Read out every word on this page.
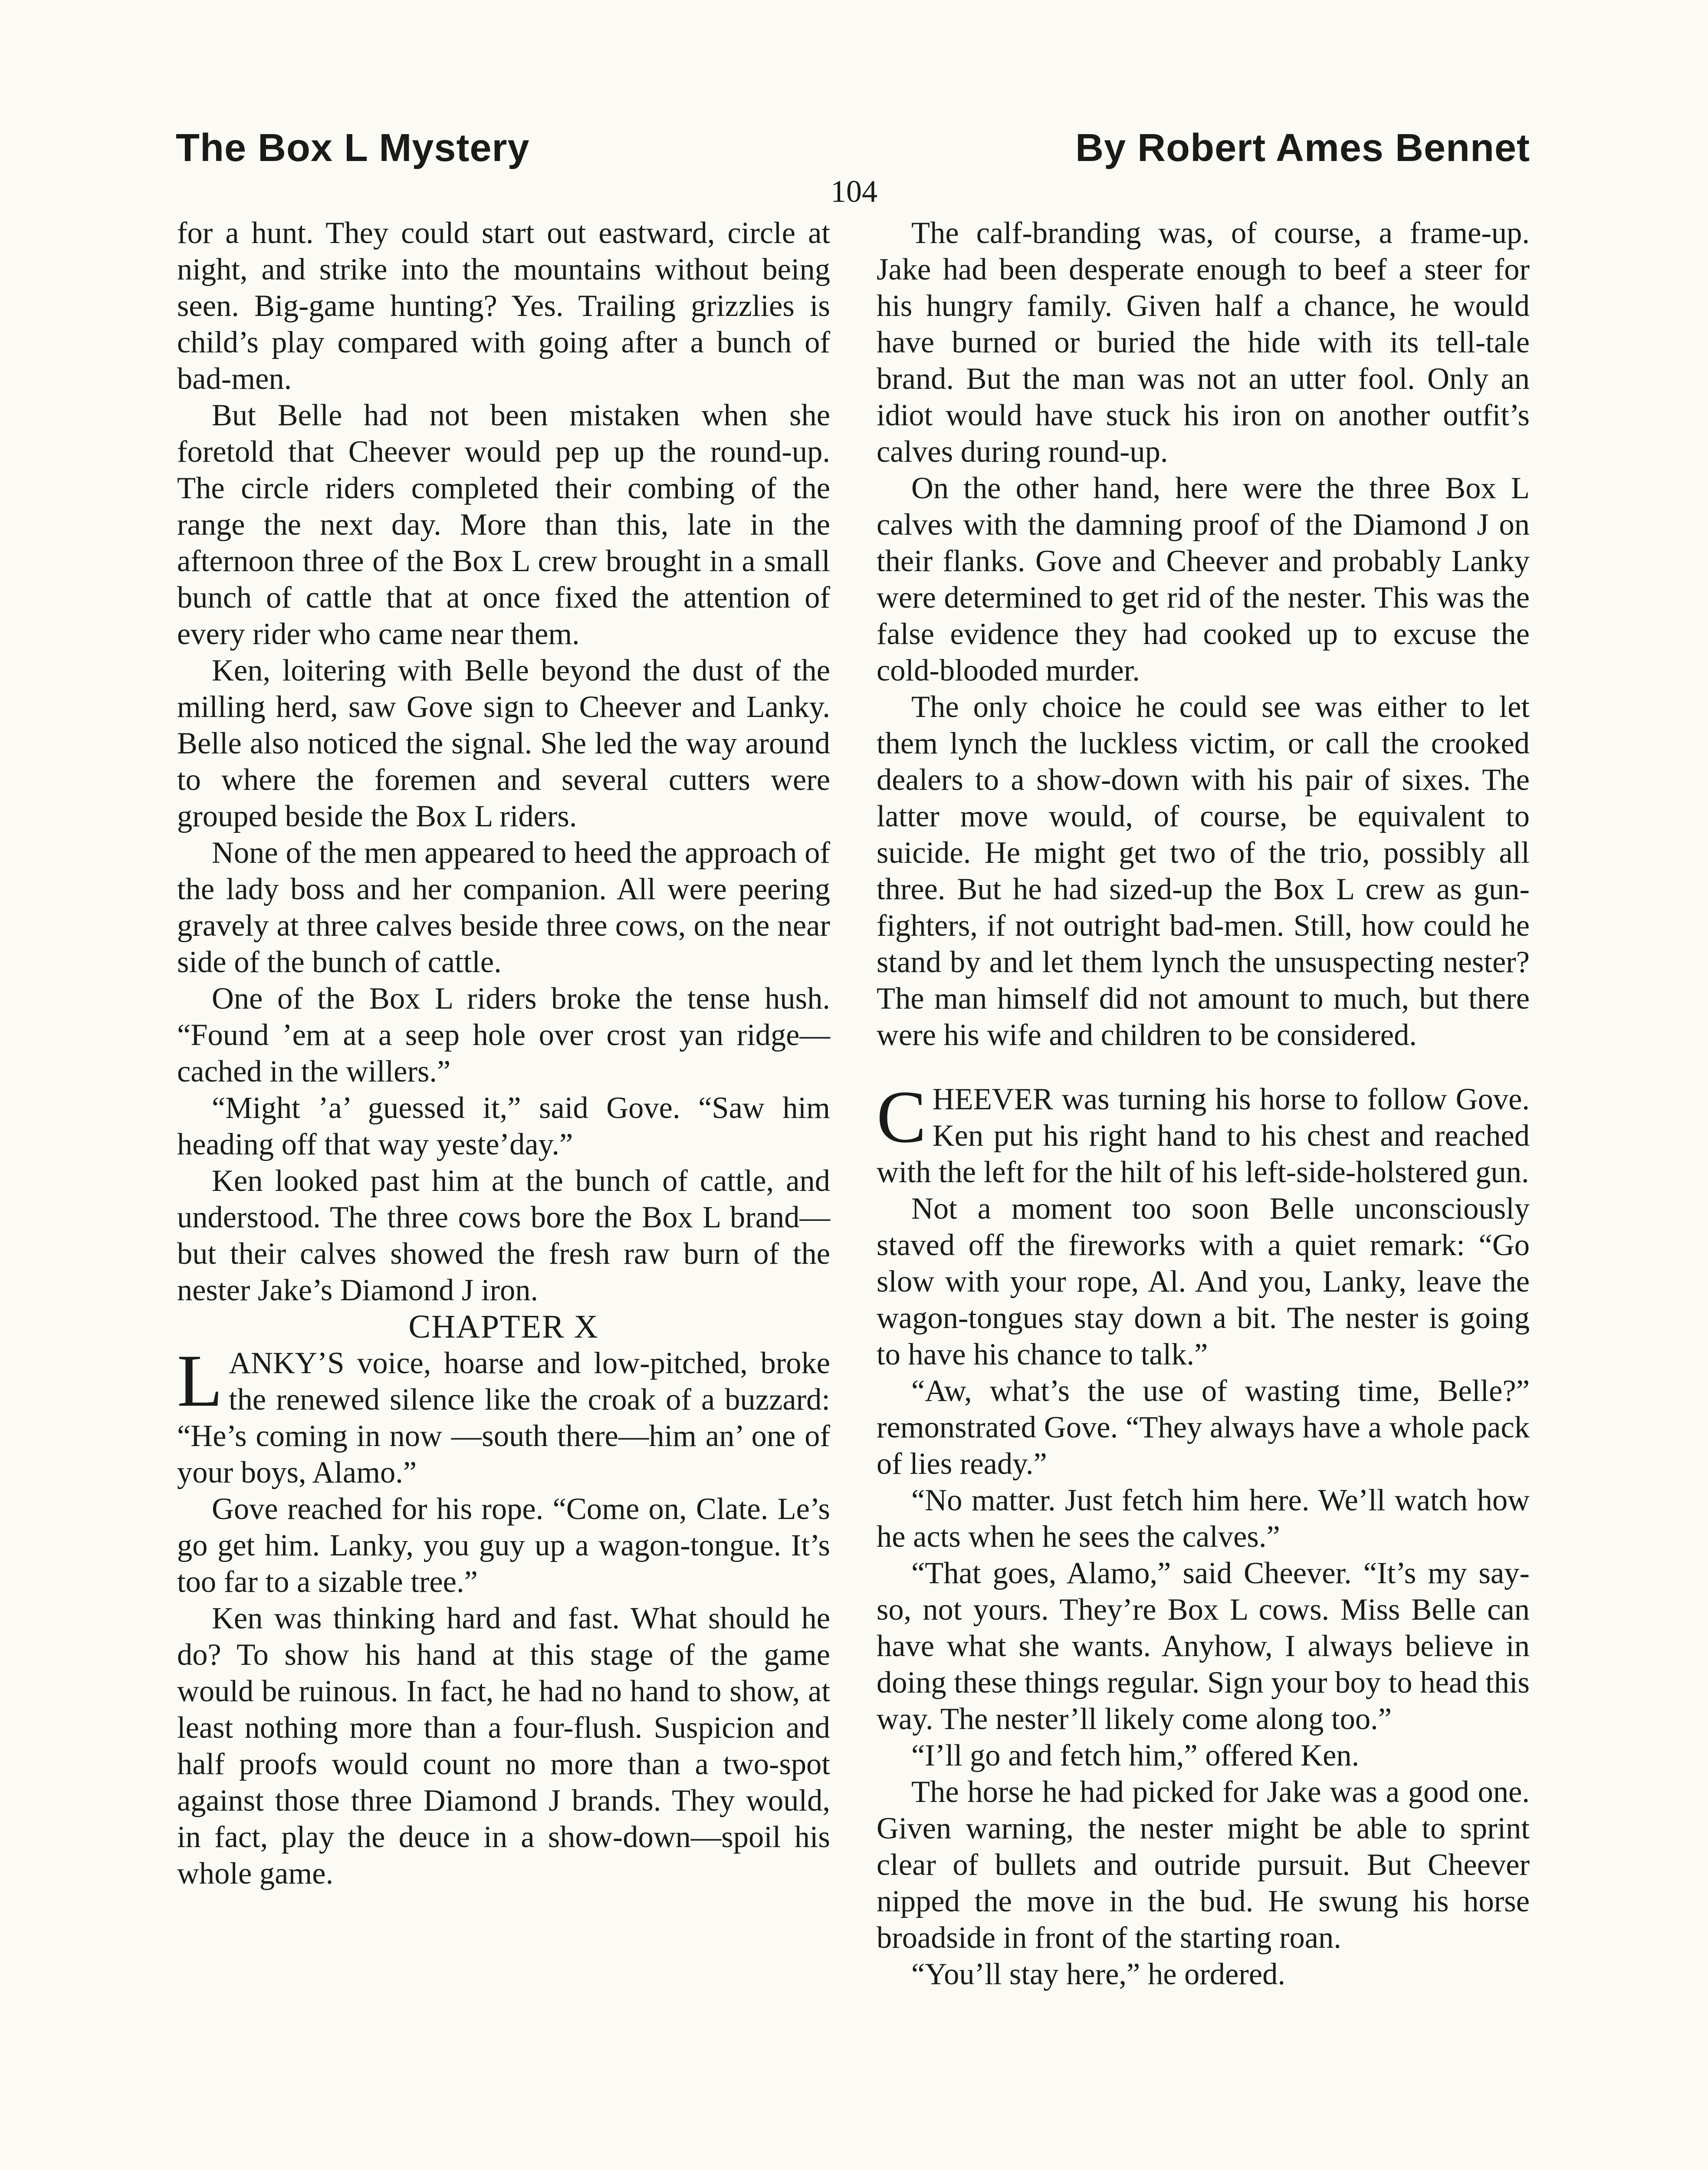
The Box L Mystery	By Robert Ames Bennet
104

for a hunt. They could start out eastward, circle at night, and strike into the mountains without being seen. Big-game hunting? Yes. Trailing grizzlies is child’s play compared with going after a bunch of bad-men.

But Belle had not been mistaken when she foretold that Cheever would pep up the round-up. The circle riders completed their combing of the range the next day. More than this, late in the afternoon three of the Box L crew brought in a small bunch of cattle that at once fixed the attention of every rider who came near them.

Ken, loitering with Belle beyond the dust of the milling herd, saw Gove sign to Cheever and Lanky. Belle also noticed the signal. She led the way around to where the foremen and several cutters were grouped beside the Box L riders.

None of the men appeared to heed the approach of the lady boss and her companion. All were peering gravely at three calves beside three cows, on the near side of the bunch of cattle.

One of the Box L riders broke the tense hush. “Found ’em at a seep hole over crost yan ridge—cached in the willers.”

“Might ’a’ guessed it,” said Gove. “Saw him heading off that way yeste’day.”

Ken looked past him at the bunch of cattle, and understood. The three cows bore the Box L brand—but their calves showed the fresh raw burn of the nester Jake’s Diamond J iron.

CHAPTER X

LANKY’S voice, hoarse and low-pitched, broke the renewed silence like the croak of a buzzard: “He’s coming in now —south there—him an’ one of your boys, Alamo.”

Gove reached for his rope. “Come on, Clate. Le’s go get him. Lanky, you guy up a wagon-tongue. It’s too far to a sizable tree.”

Ken was thinking hard and fast. What should he do? To show his hand at this stage of the game would be ruinous. In fact, he had no hand to show, at least nothing more than a four-flush. Suspicion and half proofs would count no more than a two-spot against those three Diamond J brands. They would, in fact, play the deuce in a show-down—spoil his whole game.

The calf-branding was, of course, a frame-up. Jake had been desperate enough to beef a steer for his hungry family. Given half a chance, he would have burned or buried the hide with its tell-tale brand. But the man was not an utter fool. Only an idiot would have stuck his iron on another outfit’s calves during round-up.

On the other hand, here were the three Box L calves with the damning proof of the Diamond J on their flanks. Gove and Cheever and probably Lanky were determined to get rid of the nester. This was the false evidence they had cooked up to excuse the cold-blooded murder.

The only choice he could see was either to let them lynch the luckless victim, or call the crooked dealers to a show-down with his pair of sixes. The latter move would, of course, be equivalent to suicide. He might get two of the trio, possibly all three. But he had sized-up the Box L crew as gun-fighters, if not outright bad-men. Still, how could he stand by and let them lynch the unsuspecting nester? The man himself did not amount to much, but there were his wife and children to be considered.

CHEEVER was turning his horse to follow Gove. Ken put his right hand to his chest and reached with the left for the hilt of his left-side-holstered gun.

Not a moment too soon Belle unconsciously staved off the fireworks with a quiet remark: “Go slow with your rope, Al. And you, Lanky, leave the wagon-tongues stay down a bit. The nester is going to have his chance to talk.”

“Aw, what’s the use of wasting time, Belle?” remonstrated Gove. “They always have a whole pack of lies ready.”

“No matter. Just fetch him here. We’ll watch how he acts when he sees the calves.”

“That goes, Alamo,” said Cheever. “It’s my say-so, not yours. They’re Box L cows. Miss Belle can have what she wants. Anyhow, I always believe in doing these things regular. Sign your boy to head this way. The nester’ll likely come along too.”

“I’ll go and fetch him,” offered Ken.

The horse he had picked for Jake was a good one. Given warning, the nester might be able to sprint clear of bullets and outride pursuit. But Cheever nipped the move in the bud. He swung his horse broadside in front of the starting roan.

“You’ll stay here,” he ordered.
